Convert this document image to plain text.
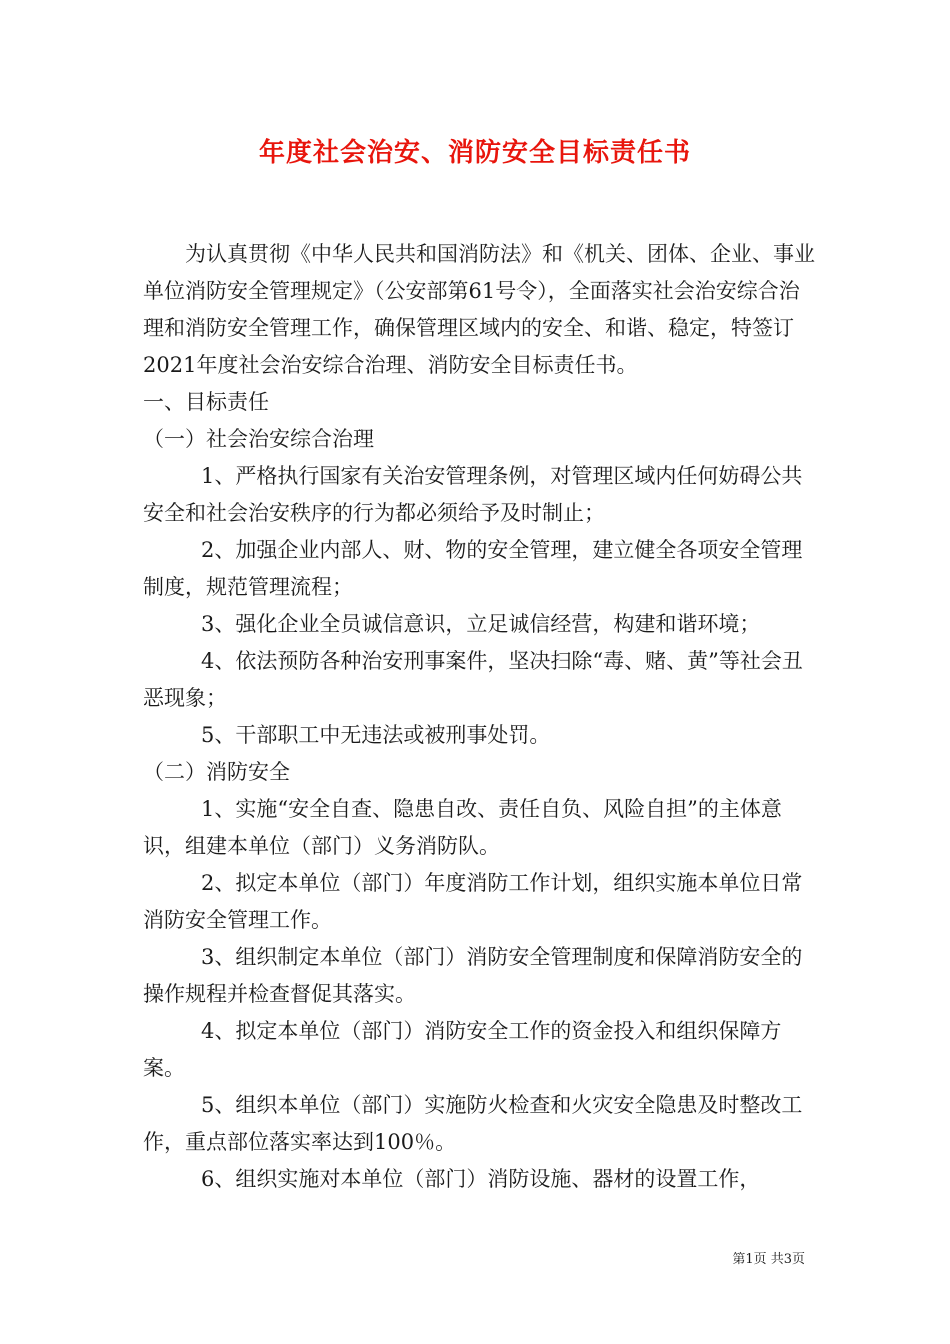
年度社会治安、消防安全目标责任书

为认真贯彻《中华人民共和国消防法》和《机关、团体、企业、事业单位消防安全管理规定》（公安部第61号令），全面落实社会治安综合治理和消防安全管理工作，确保管理区域内的安全、和谐、稳定，特签订2021年度社会治安综合治理、消防安全目标责任书。

一、目标责任

（一）社会治安综合治理

1、严格执行国家有关治安管理条例，对管理区域内任何妨碍公共安全和社会治安秩序的行为都必须给予及时制止；

2、加强企业内部人、财、物的安全管理，建立健全各项安全管理制度，规范管理流程；

3、强化企业全员诚信意识，立足诚信经营，构建和谐环境；

4、依法预防各种治安刑事案件，坚决扫除“毒、赌、黄”等社会丑恶现象；

5、干部职工中无违法或被刑事处罚。

（二）消防安全

1、实施“安全自查、隐患自改、责任自负、风险自担”的主体意识，组建本单位（部门）义务消防队。

2、拟定本单位（部门）年度消防工作计划，组织实施本单位日常消防安全管理工作。

3、组织制定本单位（部门）消防安全管理制度和保障消防安全的操作规程并检查督促其落实。

4、拟定本单位（部门）消防安全工作的资金投入和组织保障方案。

5、组织本单位（部门）实施防火检查和火灾安全隐患及时整改工作，重点部位落实率达到100％。

6、组织实施对本单位（部门）消防设施、器材的设置工作，

第1页 共3页
